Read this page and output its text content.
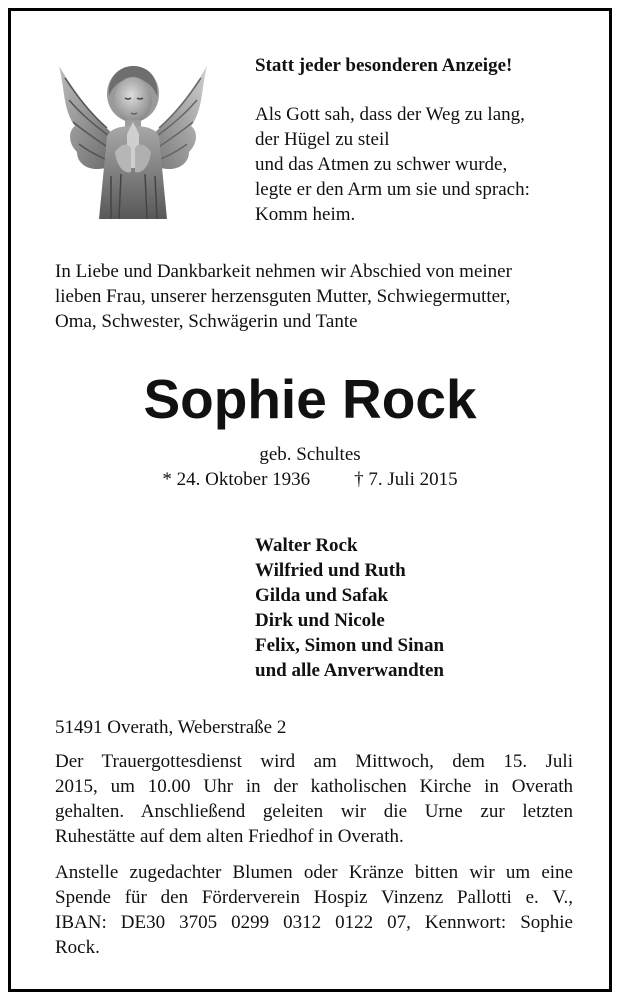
Statt jeder besonderen Anzeige!
Als Gott sah, dass der Weg zu lang,
der Hügel zu steil
und das Atmen zu schwer wurde,
legte er den Arm um sie und sprach:
Komm heim.
In Liebe und Dankbarkeit nehmen wir Abschied von meiner
lieben Frau, unserer herzensguten Mutter, Schwiegermutter,
Oma, Schwester, Schwägerin und Tante
Sophie Rock
geb. Schultes
* 24. Oktober 1936 † 7. Juli 2015
Walter Rock
Wilfried und Ruth
Gilda und Safak
Dirk und Nicole
Felix, Simon und Sinan
und alle Anverwandten
51491 Overath, Weberstraße 2
Der Trauergottesdienst wird am Mittwoch, dem 15. Juli
2015, um 10.00 Uhr in der katholischen Kirche in Overath
gehalten. Anschließend geleiten wir die Urne zur letzten
Ruhestätte auf dem alten Friedhof in Overath.
Anstelle zugedachter Blumen oder Kränze bitten wir um eine
Spende für den Förderverein Hospiz Vinzenz Pallotti e. V.,
IBAN: DE30 3705 0299 0312 0122 07, Kennwort: Sophie
Rock.
